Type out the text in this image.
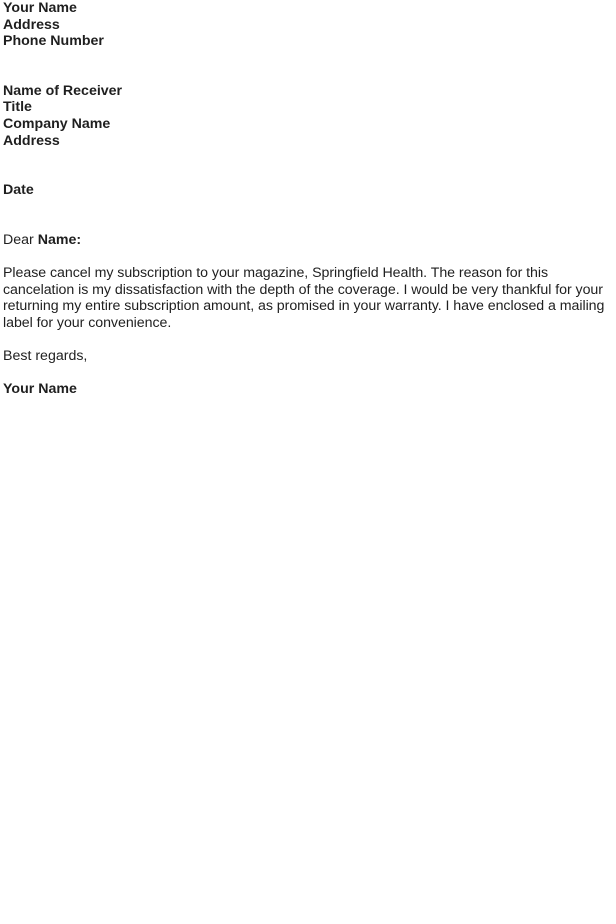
Your Name
Address
Phone Number
Name of Receiver
Title
Company Name
Address
Date
Dear Name:
Please cancel my subscription to your magazine, Springfield Health. The reason for this cancelation is my dissatisfaction with the depth of the coverage. I would be very thankful for your returning my entire subscription amount, as promised in your warranty. I have enclosed a mailing label for your convenience.
Best regards,
Your Name
